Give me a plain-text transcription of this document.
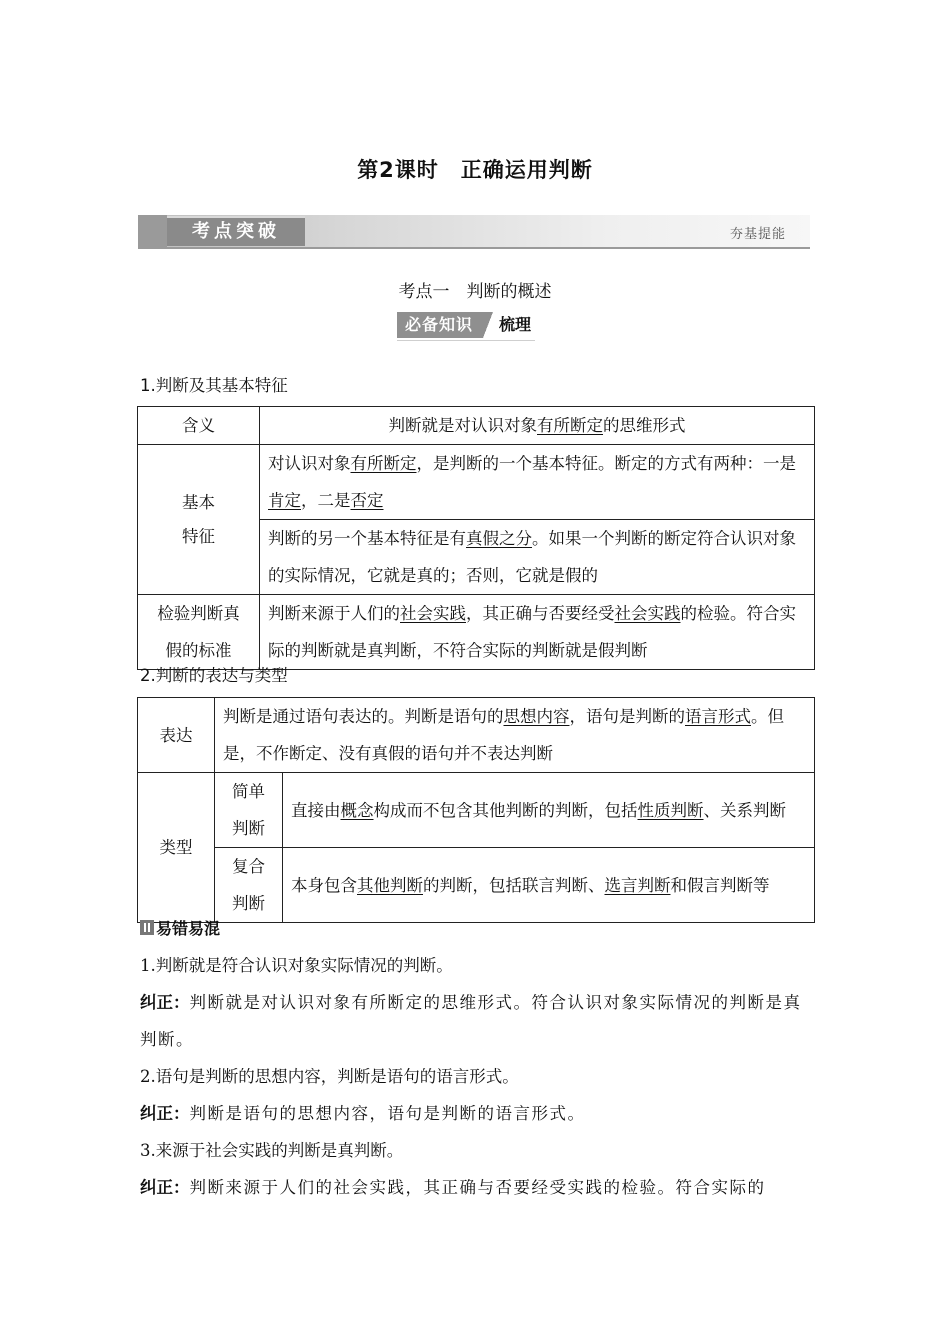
第2课时　正确运用判断
考点突破	夯基提能
考点一　判断的概述
必备知识	梳理
1.判断及其基本特征
含义	判断就是对认识对象有所断定的思维形式
基本特征	对认识对象有所断定，是判断的一个基本特征。断定的方式有两种：一是肯定，二是否定
	判断的另一个基本特征是有真假之分。如果一个判断的断定符合认识对象的实际情况，它就是真的；否则，它就是假的
检验判断真假的标准	判断来源于人们的社会实践，其正确与否要经受社会实践的检验。符合实际的判断就是真判断，不符合实际的判断就是假判断
2.判断的表达与类型
表达	判断是通过语句表达的。判断是语句的思想内容，语句是判断的语言形式。但是，不作断定、没有真假的语句并不表达判断	
类型	简单判断	直接由概念构成而不包含其他判断的判断，包括性质判断、关系判断
	复合判断	本身包含其他判断的判断，包括联言判断、选言判断和假言判断等
易错易混
1.判断就是符合认识对象实际情况的判断。
纠正：判断就是对认识对象有所断定的思维形式。符合认识对象实际情况的判断是真判断。
2.语句是判断的思想内容，判断是语句的语言形式。
纠正：判断是语句的思想内容，语句是判断的语言形式。
3.来源于社会实践的判断是真判断。
纠正：判断来源于人们的社会实践，其正确与否要经受实践的检验。符合实际的
